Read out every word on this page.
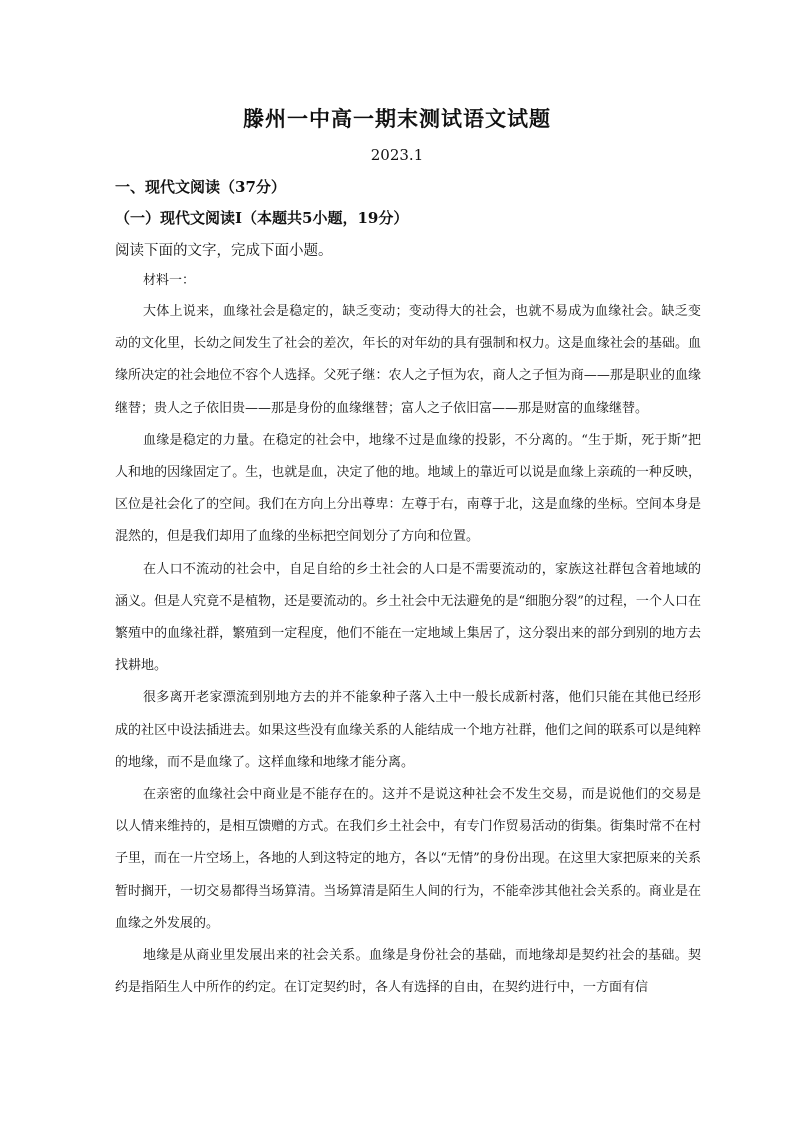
滕州一中高一期末测试语文试题
2023.1
一、现代文阅读（37分）
（一）现代文阅读Ⅰ（本题共5小题，19分）
阅读下面的文字，完成下面小题。
材料一：

大体上说来，血缘社会是稳定的，缺乏变动；变动得大的社会，也就不易成为血缘社会。缺乏变动的文化里，长幼之间发生了社会的差次，年长的对年幼的具有强制和权力。这是血缘社会的基础。血缘所决定的社会地位不容个人选择。父死子继：农人之子恒为农，商人之子恒为商——那是职业的血缘继替；贵人之子依旧贵——那是身份的血缘继替；富人之子依旧富——那是财富的血缘继替。

血缘是稳定的力量。在稳定的社会中，地缘不过是血缘的投影，不分离的。“生于斯，死于斯”把人和地的因缘固定了。生，也就是血，决定了他的地。地域上的靠近可以说是血缘上亲疏的一种反映，区位是社会化了的空间。我们在方向上分出尊卑：左尊于右，南尊于北，这是血缘的坐标。空间本身是混然的，但是我们却用了血缘的坐标把空间划分了方向和位置。

在人口不流动的社会中，自足自给的乡土社会的人口是不需要流动的，家族这社群包含着地域的涵义。但是人究竟不是植物，还是要流动的。乡土社会中无法避免的是“细胞分裂”的过程，一个人口在繁殖中的血缘社群，繁殖到一定程度，他们不能在一定地域上集居了，这分裂出来的部分到别的地方去找耕地。

很多离开老家漂流到别地方去的并不能象种子落入土中一般长成新村落，他们只能在其他已经形成的社区中设法插进去。如果这些没有血缘关系的人能结成一个地方社群，他们之间的联系可以是纯粹的地缘，而不是血缘了。这样血缘和地缘才能分离。

在亲密的血缘社会中商业是不能存在的。这并不是说这种社会不发生交易，而是说他们的交易是以人情来维持的，是相互馈赠的方式。在我们乡土社会中，有专门作贸易活动的街集。街集时常不在村子里，而在一片空场上，各地的人到这特定的地方，各以“无情”的身份出现。在这里大家把原来的关系暂时搁开，一切交易都得当场算清。当场算清是陌生人间的行为，不能牵涉其他社会关系的。商业是在血缘之外发展的。

地缘是从商业里发展出来的社会关系。血缘是身份社会的基础，而地缘却是契约社会的基础。契约是指陌生人中所作的约定。在订定契约时，各人有选择的自由，在契约进行中，一方面有信
